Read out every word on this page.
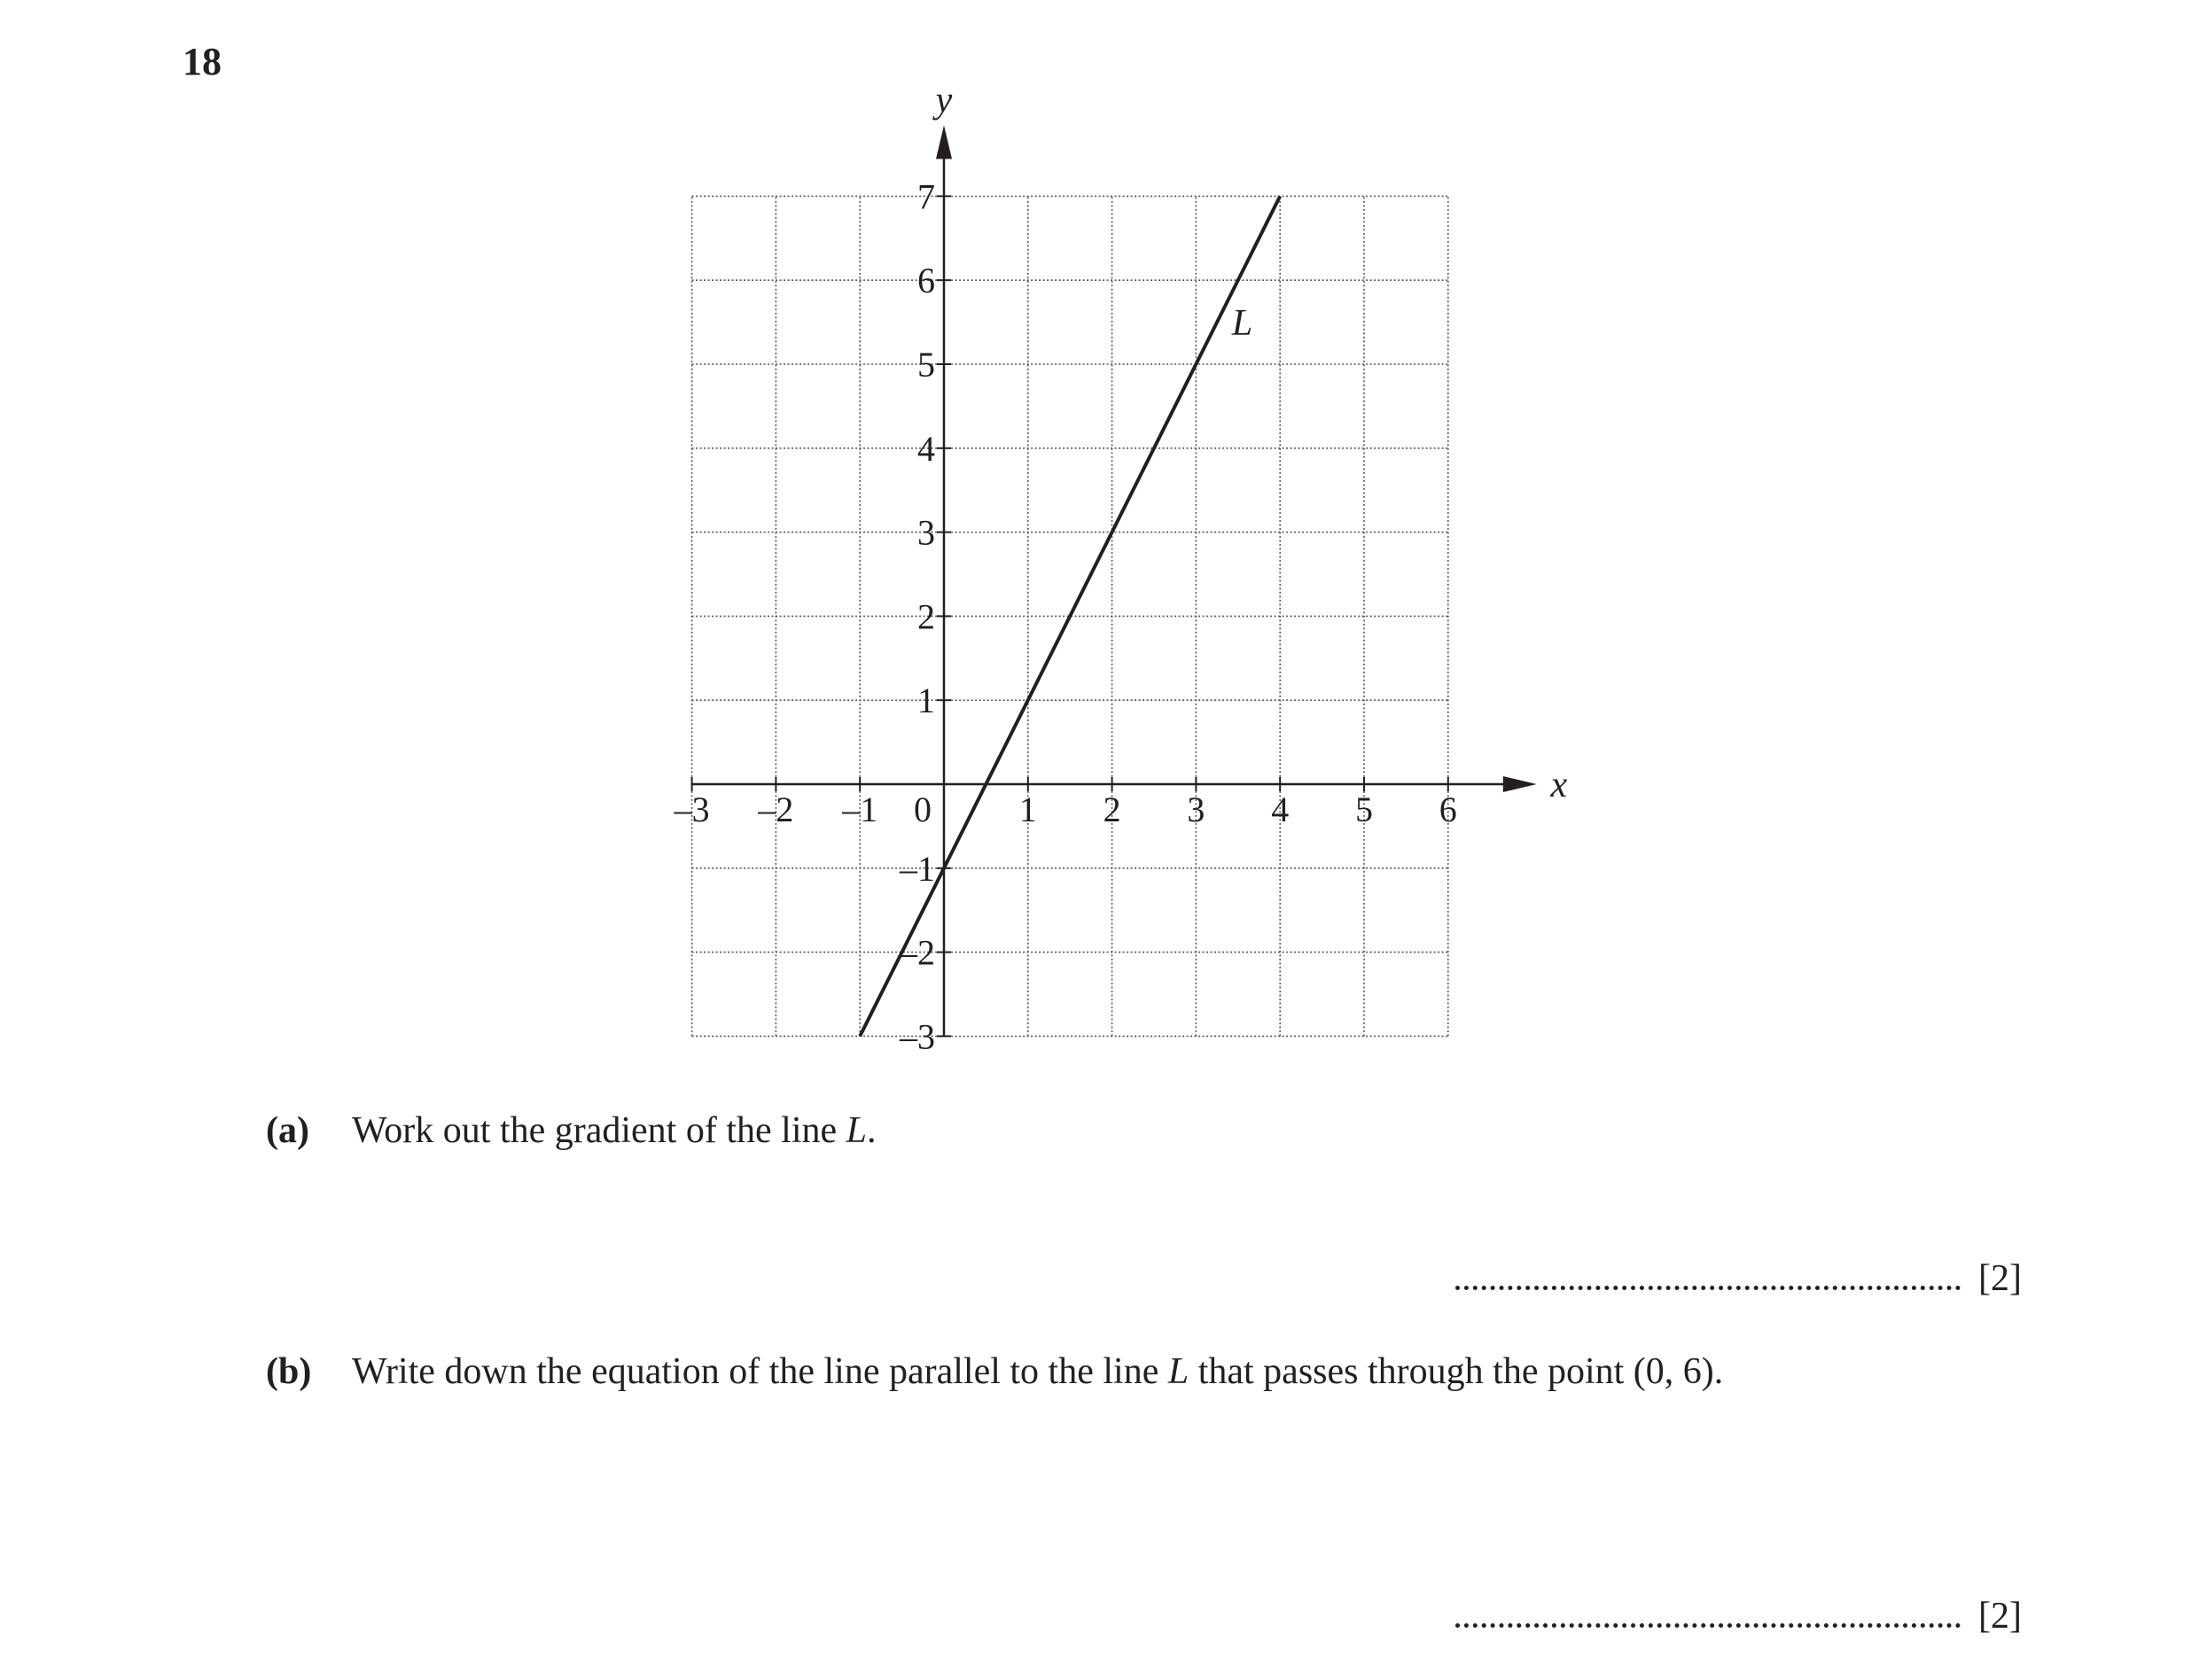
18
–3 –2 –1 0 1 2 3 4 5 6
–3
–2
–1
1
2
3
4
5
6
7
x
y
L
(a) Work out the gradient of the line L.
[2]
(b) Write down the equation of the line parallel to the line L that passes through the point (0, 6).
[2]
